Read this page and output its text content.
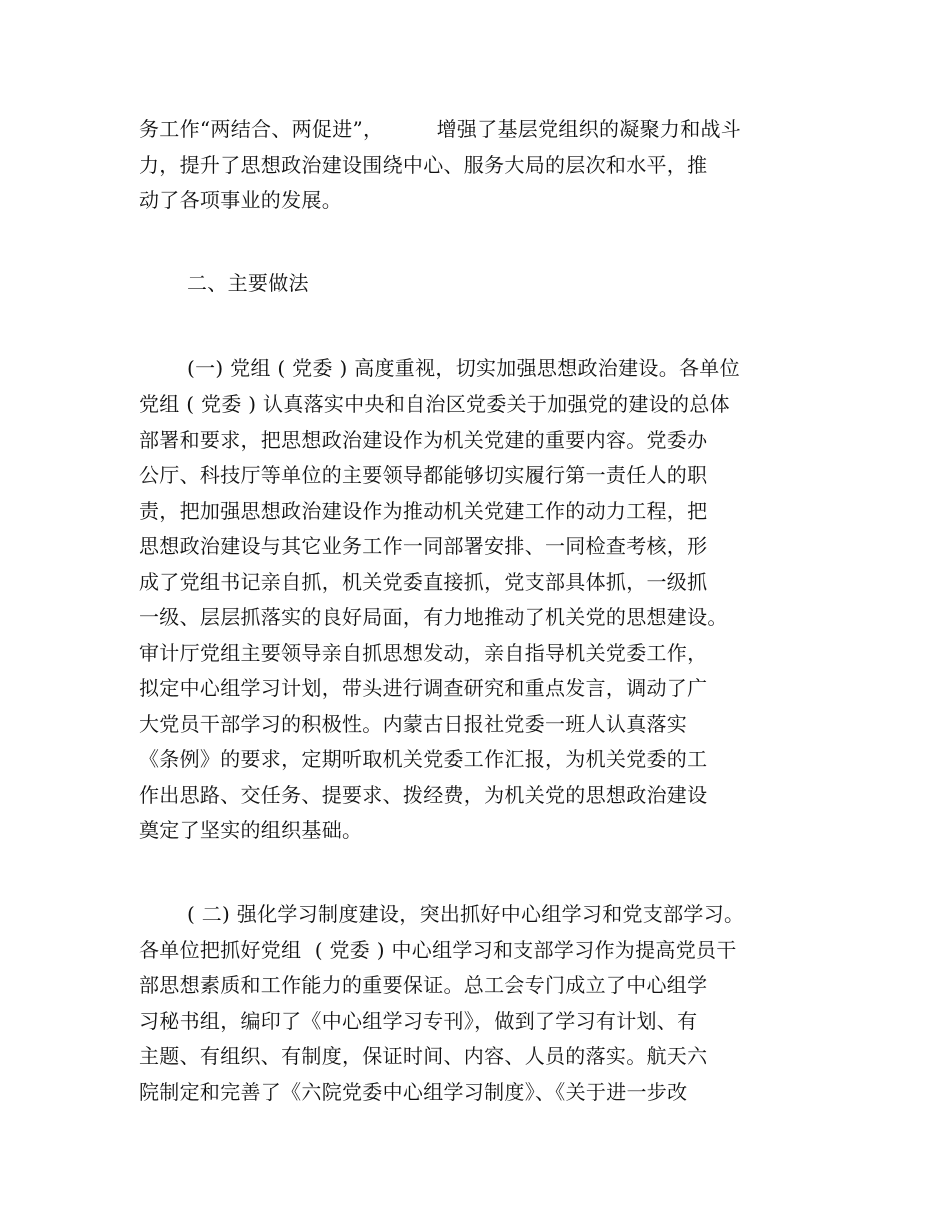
务工作“两结合、两促进”，        增强了基层党组织的凝聚力和战斗

力，提升了思想政治建设围绕中心、服务大局的层次和水平，推

动了各项事业的发展。

二、主要做法

(一) 党组 ( 党委 ) 高度重视，切实加强思想政治建设。各单位

党组 ( 党委 ) 认真落实中央和自治区党委关于加强党的建设的总体

部署和要求，把思想政治建设作为机关党建的重要内容。党委办

公厅、科技厅等单位的主要领导都能够切实履行第一责任人的职

责，把加强思想政治建设作为推动机关党建工作的动力工程，把

思想政治建设与其它业务工作一同部署安排、一同检查考核，形

成了党组书记亲自抓，机关党委直接抓，党支部具体抓，一级抓

一级、层层抓落实的良好局面，有力地推动了机关党的思想建设。

审计厅党组主要领导亲自抓思想发动，亲自指导机关党委工作，

拟定中心组学习计划，带头进行调查研究和重点发言，调动了广

大党员干部学习的积极性。内蒙古日报社党委一班人认真落实

《条例》的要求，定期听取机关党委工作汇报，为机关党委的工

作出思路、交任务、提要求、拨经费，为机关党的思想政治建设

奠定了坚实的组织基础。

( 二) 强化学习制度建设，突出抓好中心组学习和党支部学习。

各单位把抓好党组  ( 党委 ) 中心组学习和支部学习作为提高党员干

部思想素质和工作能力的重要保证。总工会专门成立了中心组学

习秘书组，编印了《中心组学习专刊》，做到了学习有计划、有

主题、有组织、有制度，保证时间、内容、人员的落实。航天六

院制定和完善了《六院党委中心组学习制度》、《关于进一步改
